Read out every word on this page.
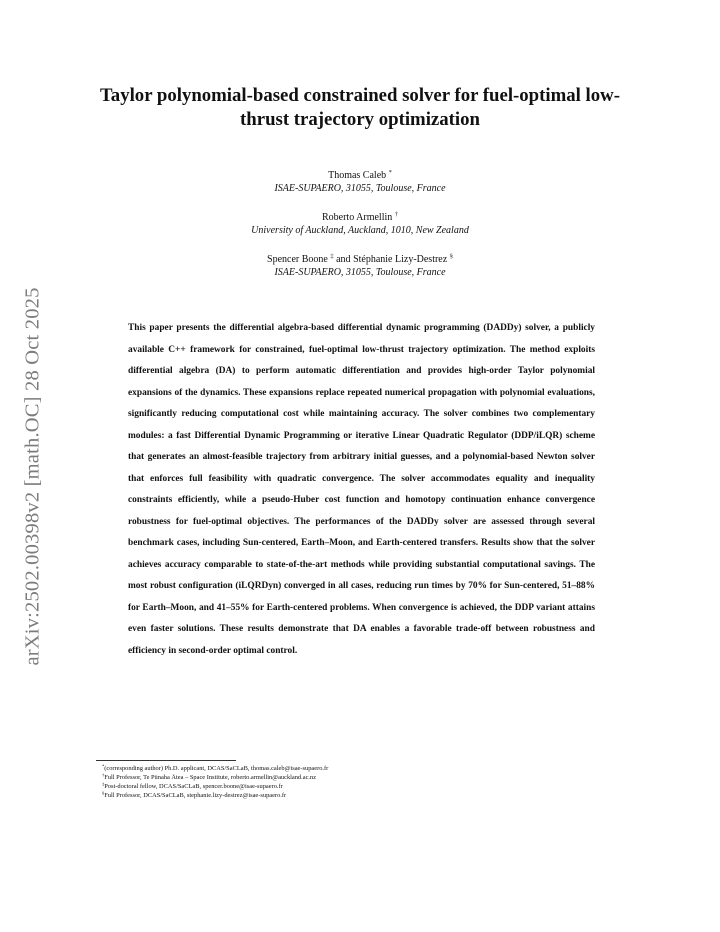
arXiv:2502.00398v2 [math.OC] 28 Oct 2025
Taylor polynomial-based constrained solver for fuel-optimal low-thrust trajectory optimization
Thomas Caleb *
ISAE-SUPAERO, 31055, Toulouse, France
Roberto Armellin †
University of Auckland, Auckland, 1010, New Zealand
Spencer Boone ‡ and Stéphanie Lizy-Destrez §
ISAE-SUPAERO, 31055, Toulouse, France

This paper presents the differential algebra-based differential dynamic programming (DADDy) solver, a publicly available C++ framework for constrained, fuel-optimal low-thrust trajectory optimization. The method exploits differential algebra (DA) to perform automatic differentiation and provides high-order Taylor polynomial expansions of the dynamics. These expansions replace repeated numerical propagation with polynomial evaluations, significantly reducing computational cost while maintaining accuracy. The solver combines two complementary modules: a fast Differential Dynamic Programming or iterative Linear Quadratic Regulator (DDP/iLQR) scheme that generates an almost-feasible trajectory from arbitrary initial guesses, and a polynomial-based Newton solver that enforces full feasibility with quadratic convergence. The solver accommodates equality and inequality constraints efficiently, while a pseudo-Huber cost function and homotopy continuation enhance convergence robustness for fuel-optimal objectives. The performances of the DADDy solver are assessed through several benchmark cases, including Sun-centered, Earth–Moon, and Earth-centered transfers. Results show that the solver achieves accuracy comparable to state-of-the-art methods while providing substantial computational savings. The most robust configuration (iLQRDyn) converged in all cases, reducing run times by 70% for Sun-centered, 51–88% for Earth–Moon, and 41–55% for Earth-centered problems. When convergence is achieved, the DDP variant attains even faster solutions. These results demonstrate that DA enables a favorable trade-off between robustness and efficiency in second-order optimal control.

*(corresponding author) Ph.D. applicant, DCAS/SaCLaB, thomas.caleb@isae-supaero.fr
†Full Professor, Te Pūnaha Ātea – Space Institute, roberto.armellin@auckland.ac.nz
‡Post-doctoral fellow, DCAS/SaCLaB, spencer.boone@isae-supaero.fr
§Full Professor, DCAS/SaCLaB, stephanie.lizy-destrez@isae-supaero.fr
